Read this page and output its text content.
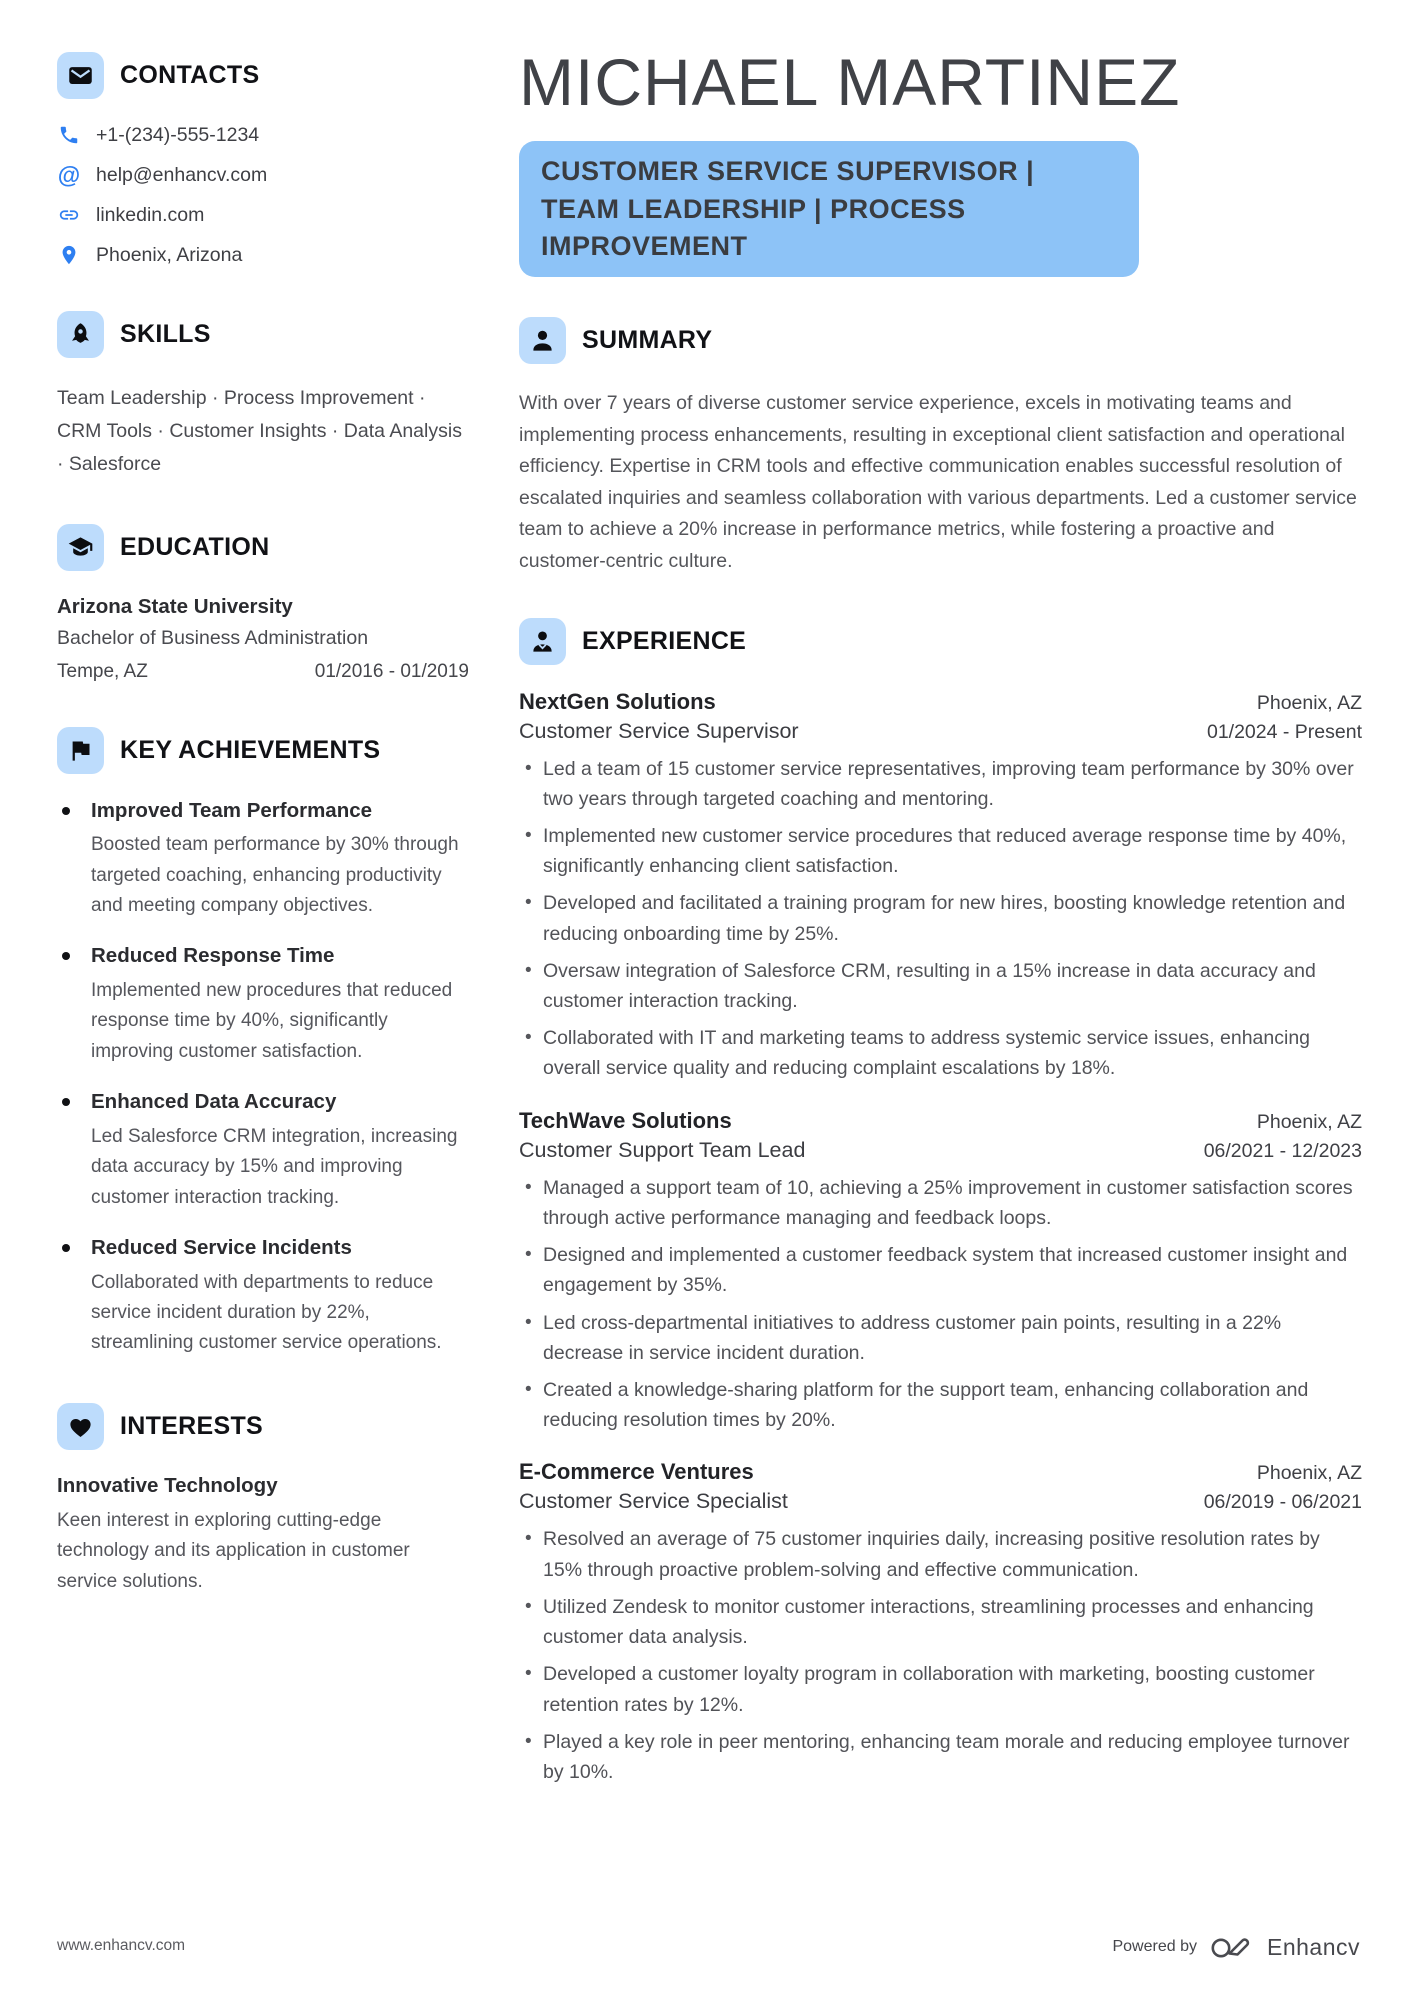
CONTACTS
+1-(234)-555-1234
@ help@enhancv.com
linkedin.com
Phoenix, Arizona
SKILLS

Team Leadership · Process Improvement · CRM Tools · Customer Insights · Data Analysis · Salesforce

EDUCATION
Arizona State University
Bachelor of Business Administration
Tempe, AZ	01/2016 - 01/2019
KEY ACHIEVEMENTS
Improved Team Performance
Boosted team performance by 30% through targeted coaching, enhancing productivity and meeting company objectives.
Reduced Response Time
Implemented new procedures that reduced response time by 40%, significantly improving customer satisfaction.
Enhanced Data Accuracy
Led Salesforce CRM integration, increasing data accuracy by 15% and improving customer interaction tracking.
Reduced Service Incidents
Collaborated with departments to reduce service incident duration by 22%, streamlining customer service operations.
INTERESTS
Innovative Technology
Keen interest in exploring cutting-edge technology and its application in customer service solutions.
MICHAEL MARTINEZ
CUSTOMER SERVICE SUPERVISOR | TEAM LEADERSHIP | PROCESS IMPROVEMENT
SUMMARY

With over 7 years of diverse customer service experience, excels in motivating teams and implementing process enhancements, resulting in exceptional client satisfaction and operational efficiency. Expertise in CRM tools and effective communication enables successful resolution of escalated inquiries and seamless collaboration with various departments. Led a customer service team to achieve a 20% increase in performance metrics, while fostering a proactive and customer-centric culture.

EXPERIENCE
NextGen Solutions	Phoenix, AZ
Customer Service Supervisor	01/2024 - Present
• Led a team of 15 customer service representatives, improving team performance by 30% over two years through targeted coaching and mentoring.
• Implemented new customer service procedures that reduced average response time by 40%, significantly enhancing client satisfaction.
• Developed and facilitated a training program for new hires, boosting knowledge retention and reducing onboarding time by 25%.
• Oversaw integration of Salesforce CRM, resulting in a 15% increase in data accuracy and customer interaction tracking.
• Collaborated with IT and marketing teams to address systemic service issues, enhancing overall service quality and reducing complaint escalations by 18%.
TechWave Solutions	Phoenix, AZ
Customer Support Team Lead	06/2021 - 12/2023
• Managed a support team of 10, achieving a 25% improvement in customer satisfaction scores through active performance managing and feedback loops.
• Designed and implemented a customer feedback system that increased customer insight and engagement by 35%.
• Led cross-departmental initiatives to address customer pain points, resulting in a 22% decrease in service incident duration.
• Created a knowledge-sharing platform for the support team, enhancing collaboration and reducing resolution times by 20%.
E-Commerce Ventures	Phoenix, AZ
Customer Service Specialist	06/2019 - 06/2021
• Resolved an average of 75 customer inquiries daily, increasing positive resolution rates by 15% through proactive problem-solving and effective communication.
• Utilized Zendesk to monitor customer interactions, streamlining processes and enhancing customer data analysis.
• Developed a customer loyalty program in collaboration with marketing, boosting customer retention rates by 12%.
• Played a key role in peer mentoring, enhancing team morale and reducing employee turnover by 10%.
www.enhancv.com	Powered by	Enhancv
